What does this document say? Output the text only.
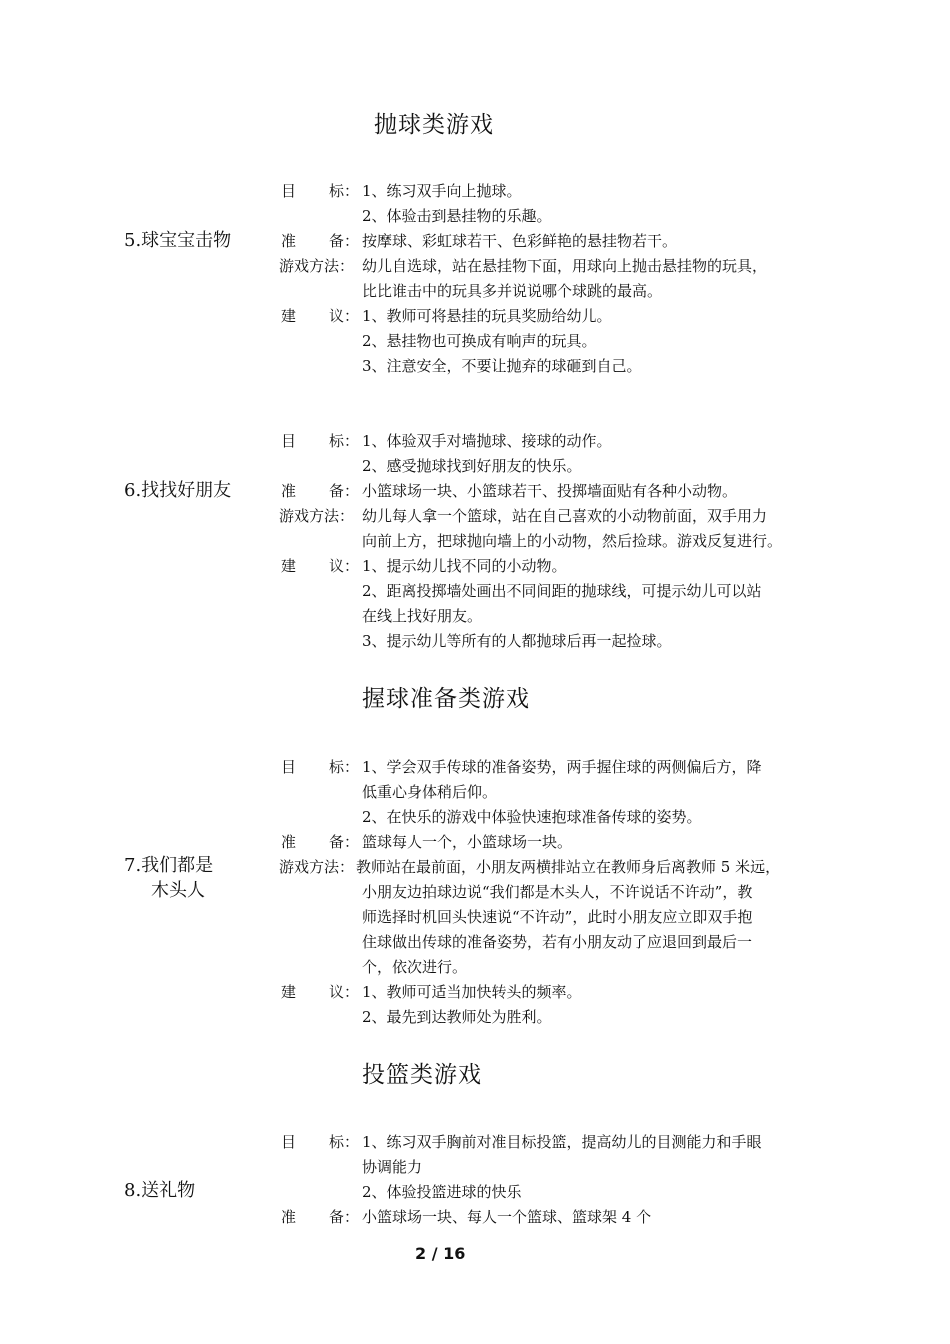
抛球类游戏
5.球宝宝击物
目 标： 1、练习双手向上抛球。
2、体验击到悬挂物的乐趣。
准 备： 按摩球、彩虹球若干、色彩鲜艳的悬挂物若干。
游戏方法： 幼儿自选球，站在悬挂物下面，用球向上抛击悬挂物的玩具，
比比谁击中的玩具多并说说哪个球跳的最高。
建 议： 1、教师可将悬挂的玩具奖励给幼儿。
2、悬挂物也可换成有响声的玩具。
3、注意安全，不要让抛弃的球砸到自己。
6.找找好朋友
目 标： 1、体验双手对墙抛球、接球的动作。
2、感受抛球找到好朋友的快乐。
准 备： 小篮球场一块、小篮球若干、投掷墙面贴有各种小动物。
游戏方法： 幼儿每人拿一个篮球，站在自己喜欢的小动物前面，双手用力
向前上方，把球抛向墙上的小动物，然后捡球。游戏反复进行。
建 议： 1、提示幼儿找不同的小动物。
2、距离投掷墙处画出不同间距的抛球线，可提示幼儿可以站
在线上找好朋友。
3、提示幼儿等所有的人都抛球后再一起捡球。
握球准备类游戏
7.我们都是
木头人
目 标： 1、学会双手传球的准备姿势，两手握住球的两侧偏后方，降
低重心身体稍后仰。
2、在快乐的游戏中体验快速抱球准备传球的姿势。
准 备： 篮球每人一个，小篮球场一块。
游戏方法： 教师站在最前面，小朋友两横排站立在教师身后离教师 5 米远，
小朋友边拍球边说“我们都是木头人，不许说话不许动”，教
师选择时机回头快速说“不许动”，此时小朋友应立即双手抱
住球做出传球的准备姿势，若有小朋友动了应退回到最后一
个，依次进行。
建 议： 1、教师可适当加快转头的频率。
2、最先到达教师处为胜利。
投篮类游戏
8.送礼物
目 标： 1、练习双手胸前对准目标投篮，提高幼儿的目测能力和手眼
协调能力
2、体验投篮进球的快乐
准 备： 小篮球场一块、每人一个篮球、篮球架 4 个
2 / 16
